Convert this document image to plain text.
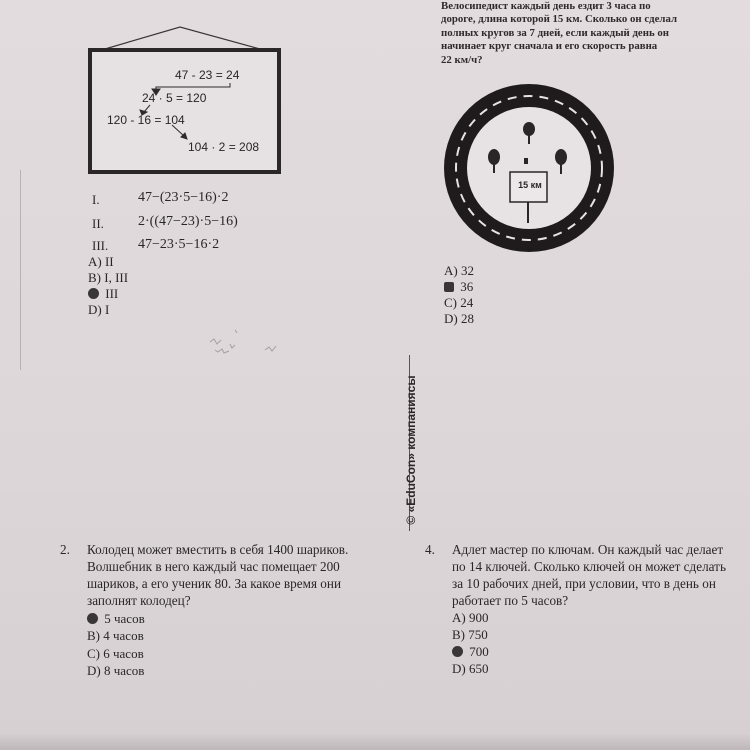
47 - 23 = 24
24 · 5 = 120
120 - 16 = 104
104 · 2 = 208
I.	47−(23·5−16)·2
II. 2·((47−23)·5−16)
III. 47−23·5−16·2
A) II
B) I, III
III
D) I
Велосипедист каждый день ездит 3 часа по
дороге, длина которой 15 км. Сколько он сделал
полных кругов за 7 дней, если каждый день он
начинает круг сначала и его скорость равна
22 км/ч?
15 км
A) 32
36
C) 24
D) 28
© «EduCon» компаниясы
2. Колодец может вместить в себя 1400 шариков.
Волшебник в него каждый час помещает 200
шариков, а его ученик 80. За какое время они
заполнят колодец?
5 часов
B) 4 часов
C) 6 часов
D) 8 часов
4. Адлет мастер по ключам. Он каждый час делает
по 14 ключей. Сколько ключей он может сделать
за 10 рабочих дней, при условии, что в день он
работает по 5 часов?
A) 900
B) 750
700
D) 650
